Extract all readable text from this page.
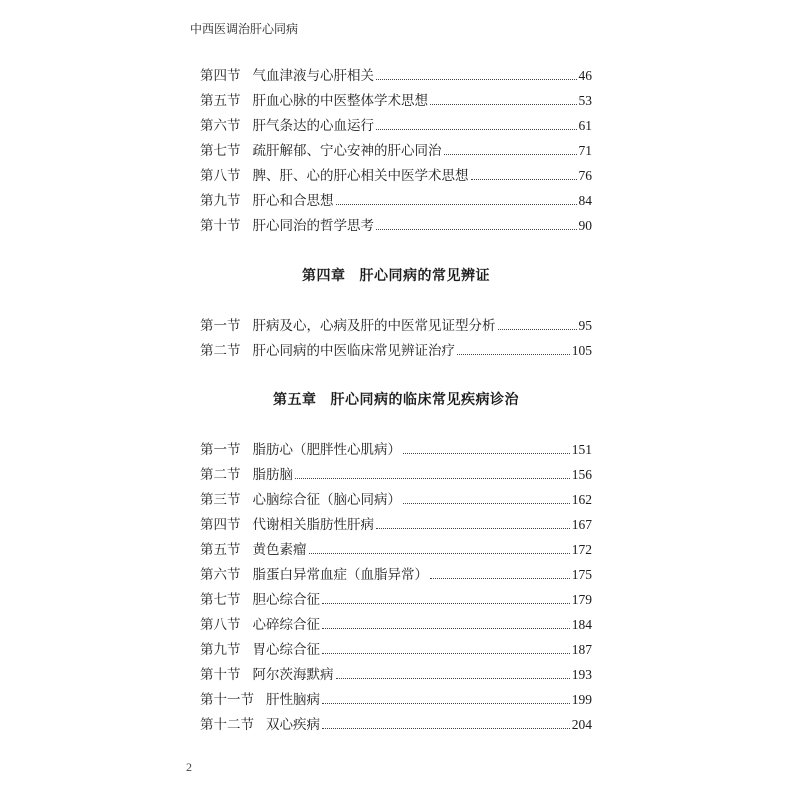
中西医调治肝心同病
第四节 气血津液与心肝相关	46
第五节 肝血心脉的中医整体学术思想	53
第六节 肝气条达的心血运行	61
第七节 疏肝解郁、宁心安神的肝心同治	71
第八节 脾、肝、心的肝心相关中医学术思想	76
第九节 肝心和合思想	84
第十节 肝心同治的哲学思考	90
第四章 肝心同病的常见辨证
第一节 肝病及心，心病及肝的中医常见证型分析	95
第二节 肝心同病的中医临床常见辨证治疗	105
第五章 肝心同病的临床常见疾病诊治
第一节 脂肪心（肥胖性心肌病）	151
第二节 脂肪脑	156
第三节 心脑综合征（脑心同病）	162
第四节 代谢相关脂肪性肝病	167
第五节 黄色素瘤	172
第六节 脂蛋白异常血症（血脂异常）	175
第七节 胆心综合征	179
第八节 心碎综合征	184
第九节 胃心综合征	187
第十节 阿尔茨海默病	193
第十一节 肝性脑病	199
第十二节 双心疾病	204
2
